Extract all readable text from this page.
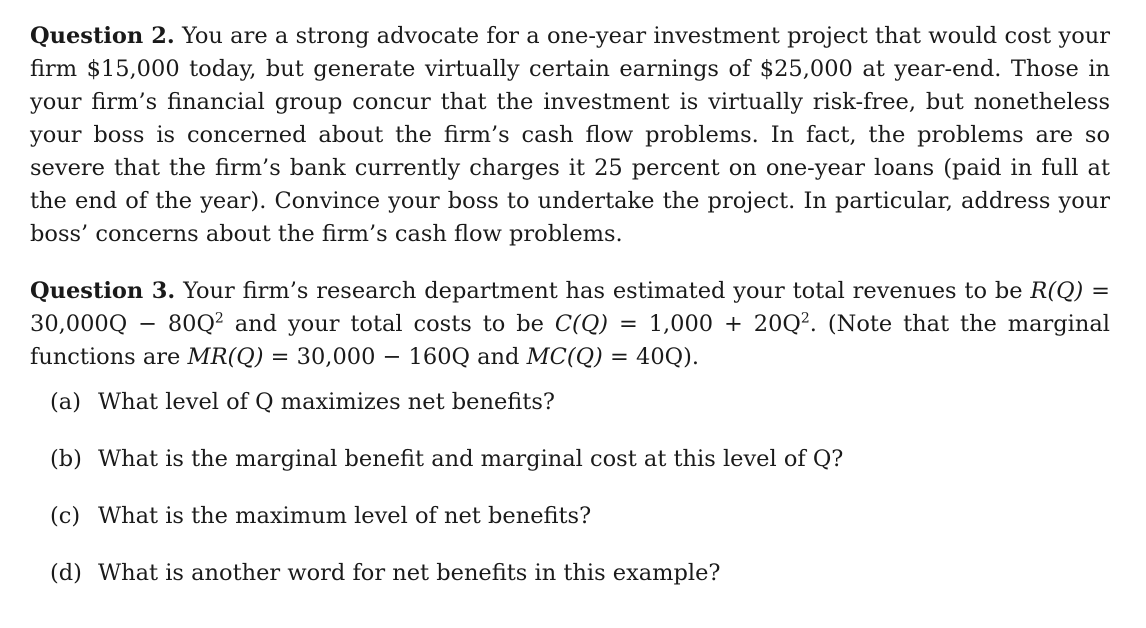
Question 2. You are a strong advocate for a one-year investment project that would cost your firm $15,000 today, but generate virtually certain earnings of $25,000 at year-end. Those in your firm’s financial group concur that the investment is virtually risk-free, but nonetheless your boss is concerned about the firm’s cash flow problems. In fact, the problems are so severe that the firm’s bank currently charges it 25 percent on one-year loans (paid in full at the end of the year). Convince your boss to undertake the project. In particular, address your boss’ concerns about the firm’s cash flow problems.

Question 3. Your firm’s research department has estimated your total revenues to be $R(Q) = 30,000Q - 80Q^2$ and your total costs to be $C(Q) = 1,000 + 20Q^2$. (Note that the marginal functions are MR(Q) = 30,000 − 160Q and MC(Q) = 40Q).

(a) What level of Q maximizes net benefits?
(b) What is the marginal benefit and marginal cost at this level of Q?
(c) What is the maximum level of net benefits?
(d) What is another word for net benefits in this example?
